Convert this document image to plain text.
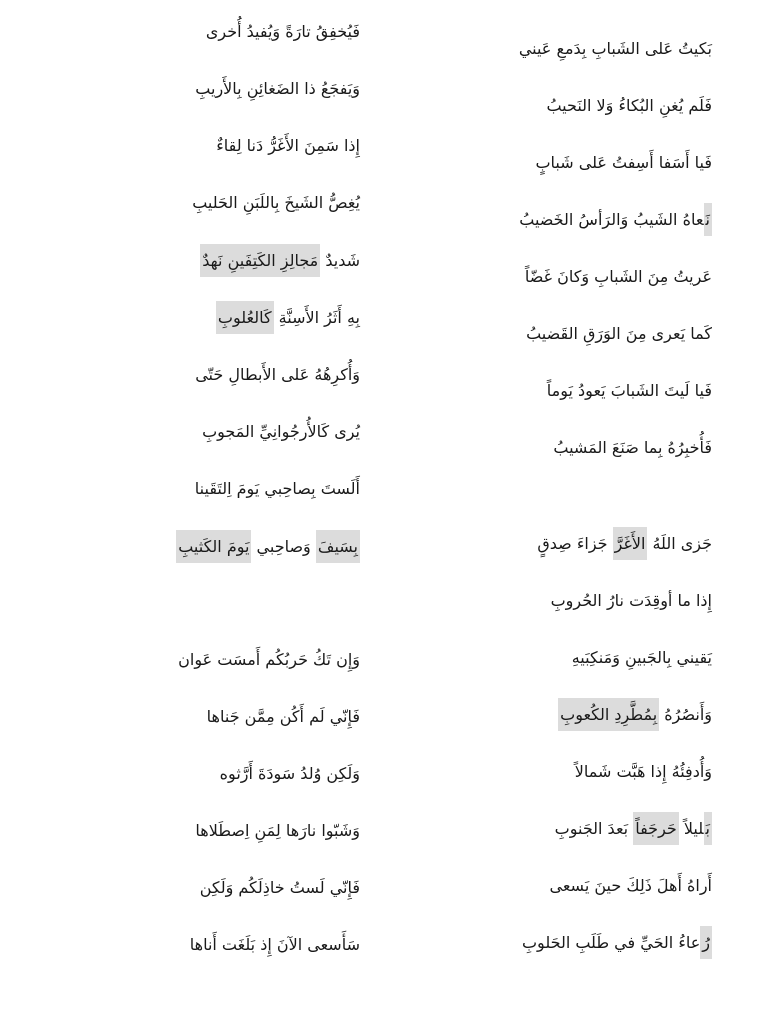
بَكيتُ عَلى الشَبابِ بِدَمعِ عَيني
فَلَم يُغنِ البُكاءُ وَلا النَحيبُ
فَيا أَسَفا أَسِفتُ عَلى شَبابٍ
نَعاهُ الشَيبُ وَالرَأسُ الخَضيبُ
عَريتُ مِنَ الشَبابِ وَكانَ غَضّاً
كَما يَعرى مِنَ الوَرَقِ القَضيبُ
فَيا لَيتَ الشَبابَ يَعودُ يَوماً
فَأُخبِرُهُ بِما صَنَعَ المَشيبُ
جَزى اللَهُ الأَغَرَّ جَزاءَ صِدقٍ
إِذا ما أوقِدَت نارُ الحُروبِ
يَقيني بِالجَبينِ وَمَنكِبَيهِ
وَأَنصُرُهُ بِمُطَّرِدِ الكُعوبِ
وَأُدفِئُهُ إِذا هَبَّت شَمالاً
بَليلاً حَرجَفاً بَعدَ الجَنوبِ
أَراهُ أَهلَ ذَلِكَ حينَ يَسعى
رُعاءُ الحَيِّ في طَلَبِ الحَلوبِ
فَيُخفِقُ تارَةً وَيُفيدُ أُخرى
وَيَفجَعُ ذا الضَغائِنِ بِالأَريبِ
إِذا سَمِنَ الأَغَرُّ دَنا لِقاءٌ
يُغِصُّ الشَيخَ بِاللَبَنِ الحَليبِ
شَديدٌ مَجالِزِ الكَتِفَينِ نَهدٌ
بِهِ أَثَرُ الأَسِنَّةِ كَالعُلوبِ
وَأُكرِهُهُ عَلى الأَبطالِ حَتّى
يُرى كَالأُرجُوانِيِّ المَجوبِ
أَلَستَ بِصاحِبي يَومَ اِلتَقَينا
بِسَيفَ وَصاحِبي يَومَ الكَثيبِ
وَإِن تَكُ حَربُكُم أَمسَت عَوان
فَإِنّي لَم أَكُن مِمَّن جَناها
وَلَكِن وُلدُ سَودَةَ أَرَّثوه
وَشَبّوا نارَها لِمَنِ اِصطَلاها
فَإِنّي لَستُ خاذِلَكُم وَلَكِن
سَأَسعى الآنَ إِذ بَلَغَت أَناها
